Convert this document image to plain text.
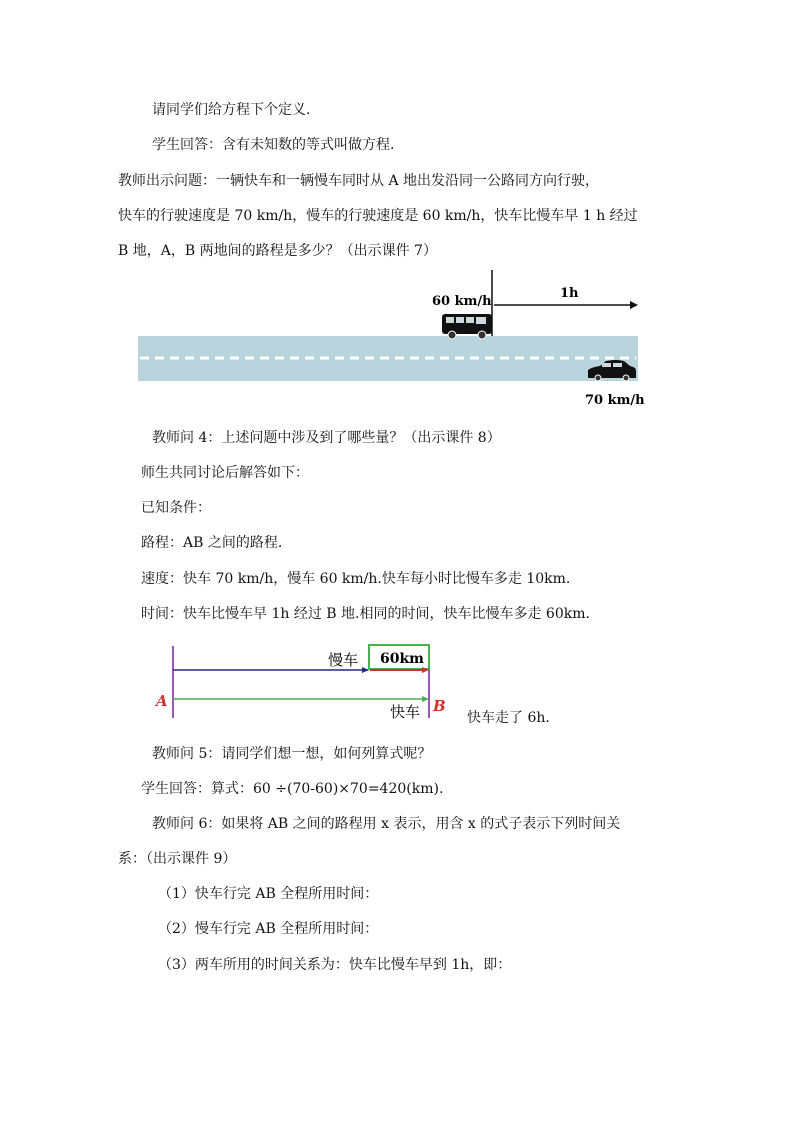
请同学们给方程下个定义.
学生回答：含有未知数的等式叫做方程.
教师出示问题：一辆快车和一辆慢车同时从 A 地出发沿同一公路同方向行驶，
快车的行驶速度是 70 km/h，慢车的行驶速度是 60 km/h，快车比慢车早 1 h 经过
B 地，A，B 两地间的路程是多少？（出示课件 7）
1h
60 km/h
70 km/h
教师问 4：上述问题中涉及到了哪些量？（出示课件 8）
师生共同讨论后解答如下：
已知条件：
路程：AB 之间的路程.
速度：快车 70 km/h，慢车 60 km/h.快车每小时比慢车多走 10km.
时间：快车比慢车早 1h 经过 B 地.相同的时间，快车比慢车多走 60km.
60km
慢车
快车
A	B
快车走了 6h.
教师问 5：请同学们想一想，如何列算式呢？
学生回答：算式：60 ÷(70-60)×70=420(km).
教师问 6：如果将 AB 之间的路程用 x 表示，用含 x 的式子表示下列时间关
系：（出示课件 9）
（1）快车行完 AB 全程所用时间：
（2）慢车行完 AB 全程所用时间：
（3）两车所用的时间关系为：快车比慢车早到 1h，即：
